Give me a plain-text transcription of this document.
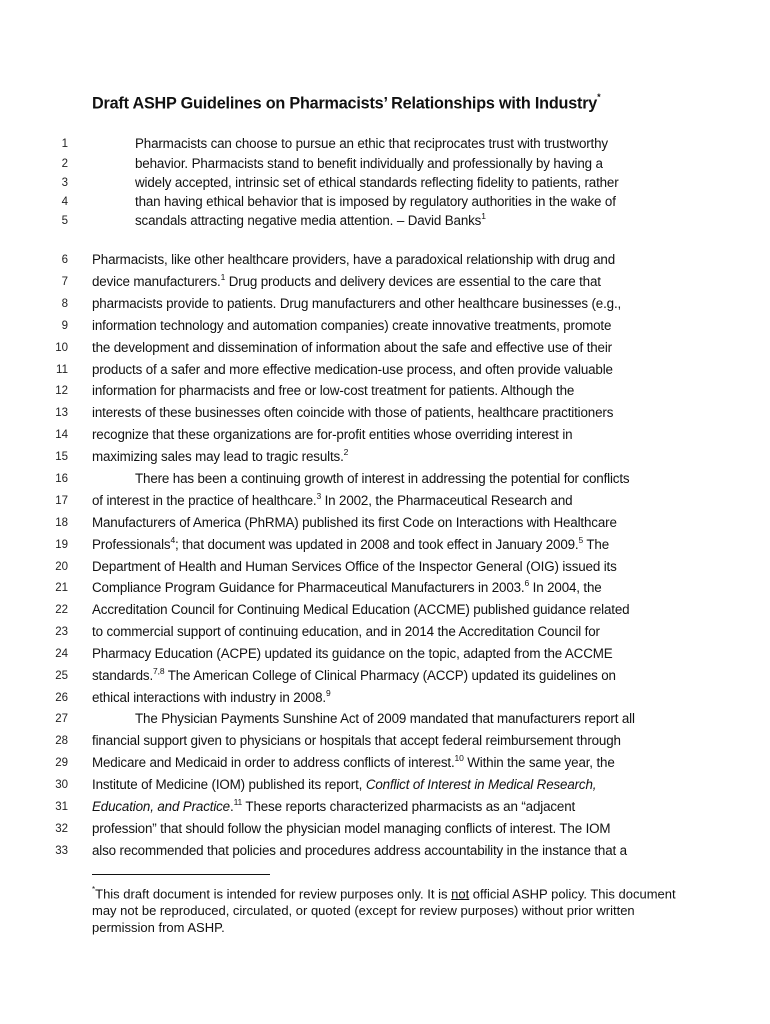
Draft ASHP Guidelines on Pharmacists’ Relationships with Industry*
1	Pharmacists can choose to pursue an ethic that reciprocates trust with trustworthy
2	behavior. Pharmacists stand to benefit individually and professionally by having a
3	widely accepted, intrinsic set of ethical standards reflecting fidelity to patients, rather
4	than having ethical behavior that is imposed by regulatory authorities in the wake of
5	scandals attracting negative media attention. – David Banks$^1$
6 Pharmacists, like other healthcare providers, have a paradoxical relationship with drug and
7 device manufacturers.$^1$ Drug products and delivery devices are essential to the care that
8 pharmacists provide to patients. Drug manufacturers and other healthcare businesses (e.g.,
9 information technology and automation companies) create innovative treatments, promote
10 the development and dissemination of information about the safe and effective use of their
11 products of a safer and more effective medication-use process, and often provide valuable
12 information for pharmacists and free or low-cost treatment for patients. Although the
13 interests of these businesses often coincide with those of patients, healthcare practitioners
14 recognize that these organizations are for-profit entities whose overriding interest in
15 maximizing sales may lead to tragic results.$^2$
16	There has been a continuing growth of interest in addressing the potential for conflicts
17 of interest in the practice of healthcare.$^3$ In 2002, the Pharmaceutical Research and
18 Manufacturers of America (PhRMA) published its first Code on Interactions with Healthcare
19 Professionals$^4$; that document was updated in 2008 and took effect in January 2009.$^5$ The
20 Department of Health and Human Services Office of the Inspector General (OIG) issued its
21 Compliance Program Guidance for Pharmaceutical Manufacturers in 2003.$^6$ In 2004, the
22 Accreditation Council for Continuing Medical Education (ACCME) published guidance related
23 to commercial support of continuing education, and in 2014 the Accreditation Council for
24 Pharmacy Education (ACPE) updated its guidance on the topic, adapted from the ACCME
25 standards.$^{7,8}$ The American College of Clinical Pharmacy (ACCP) updated its guidelines on
26 ethical interactions with industry in 2008.$^9$
27	The Physician Payments Sunshine Act of 2009 mandated that manufacturers report all
28 financial support given to physicians or hospitals that accept federal reimbursement through
29 Medicare and Medicaid in order to address conflicts of interest.$^{10}$ Within the same year, the
30 Institute of Medicine (IOM) published its report, Conflict of Interest in Medical Research,
31 Education, and Practice.$^{11}$ These reports characterized pharmacists as an “adjacent
32 profession” that should follow the physician model managing conflicts of interest. The IOM
33 also recommended that policies and procedures address accountability in the instance that a
*This draft document is intended for review purposes only. It is not official ASHP policy. This document may not be reproduced, circulated, or quoted (except for review purposes) without prior written permission from ASHP.
